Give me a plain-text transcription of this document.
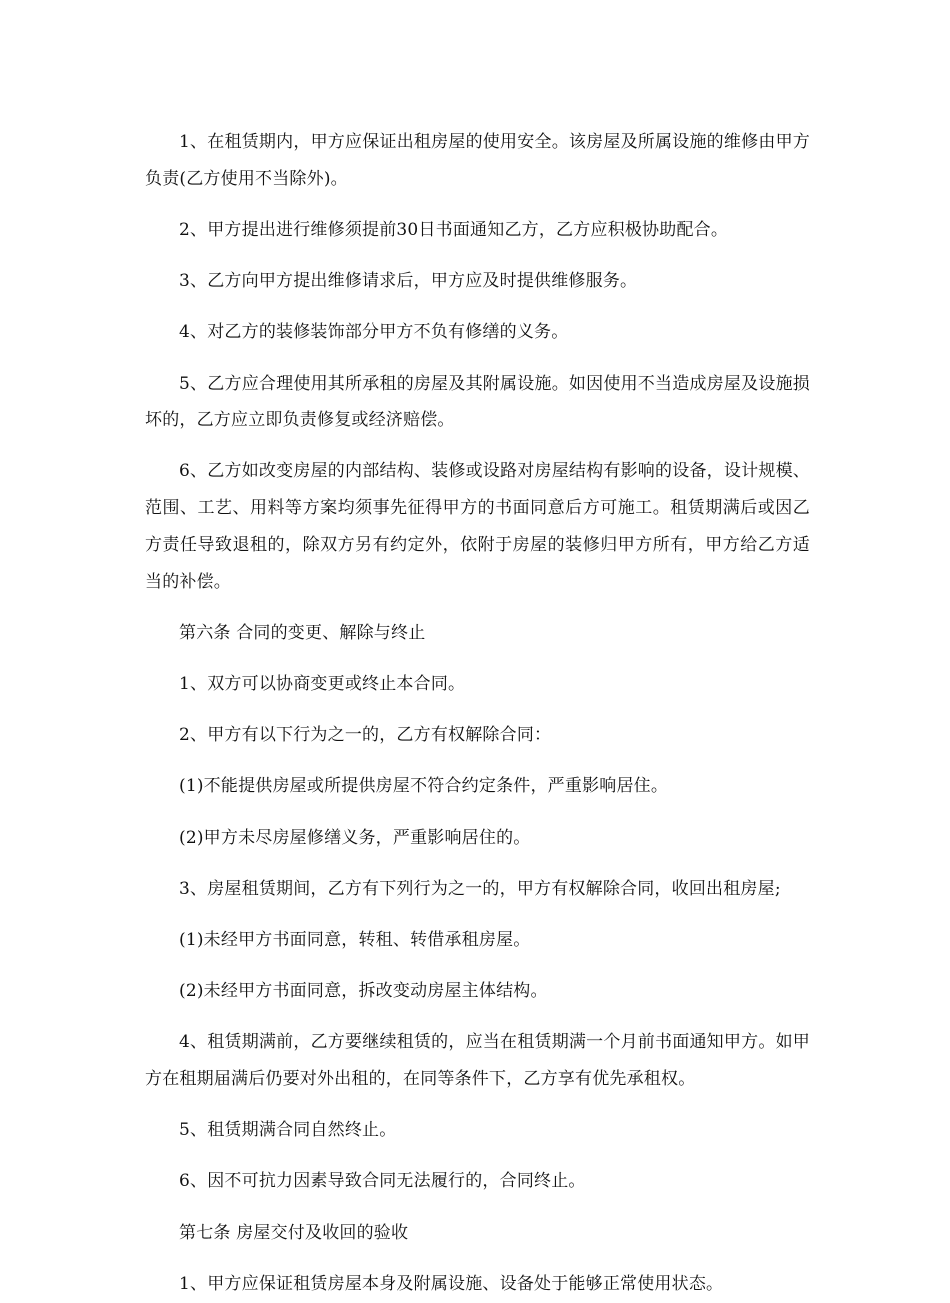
1、在租赁期内，甲方应保证出租房屋的使用安全。该房屋及所属设施的维修由甲方负责(乙方使用不当除外)。

2、甲方提出进行维修须提前30日书面通知乙方，乙方应积极协助配合。

3、乙方向甲方提出维修请求后，甲方应及时提供维修服务。

4、对乙方的装修装饰部分甲方不负有修缮的义务。

5、乙方应合理使用其所承租的房屋及其附属设施。如因使用不当造成房屋及设施损坏的，乙方应立即负责修复或经济赔偿。

6、乙方如改变房屋的内部结构、装修或设路对房屋结构有影响的设备，设计规模、范围、工艺、用料等方案均须事先征得甲方的书面同意后方可施工。租赁期满后或因乙方责任导致退租的，除双方另有约定外，依附于房屋的装修归甲方所有，甲方给乙方适当的补偿。

第六条 合同的变更、解除与终止

1、双方可以协商变更或终止本合同。

2、甲方有以下行为之一的，乙方有权解除合同：

(1)不能提供房屋或所提供房屋不符合约定条件，严重影响居住。

(2)甲方未尽房屋修缮义务，严重影响居住的。

3、房屋租赁期间，乙方有下列行为之一的，甲方有权解除合同，收回出租房屋;

(1)未经甲方书面同意，转租、转借承租房屋。

(2)未经甲方书面同意，拆改变动房屋主体结构。

4、租赁期满前，乙方要继续租赁的，应当在租赁期满一个月前书面通知甲方。如甲方在租期届满后仍要对外出租的，在同等条件下，乙方享有优先承租权。

5、租赁期满合同自然终止。

6、因不可抗力因素导致合同无法履行的，合同终止。

第七条 房屋交付及收回的验收

1、甲方应保证租赁房屋本身及附属设施、设备处于能够正常使用状态。
